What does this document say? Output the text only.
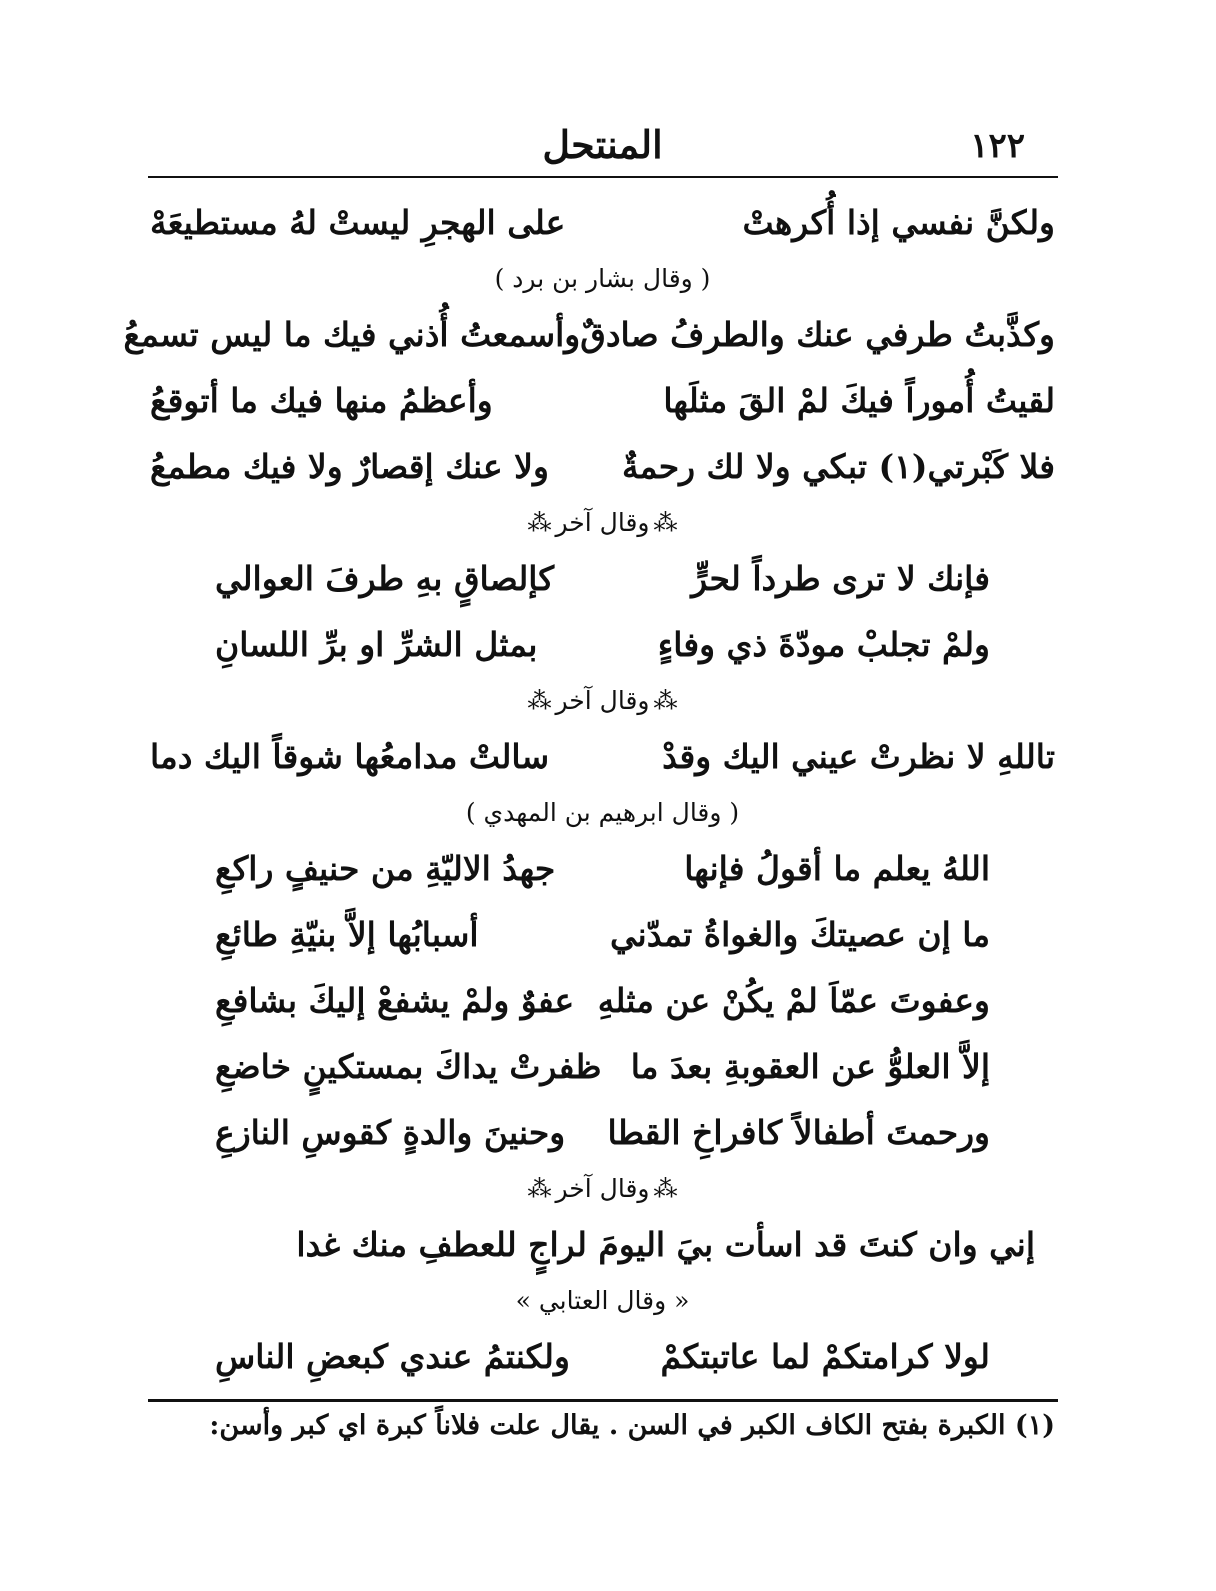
١٢٢
المنتحل
ولكنَّ نفسي إذا أُكرهتْ
على الهجرِ ليستْ لهُ مستطيعَهْ
( وقال بشار بن برد )
وكذَّبتُ طرفي عنك والطرفُ صادقٌ
وأسمعتُ أُذني فيك ما ليس تسمعُ
لقيتُ أُموراً فيكَ لمْ القَ مثلَها
وأعظمُ منها فيك ما أتوقعُ
فلا كَبْرتي(١) تبكي ولا لك رحمةٌ
ولا عنك إقصارٌ ولا فيك مطمعُ
⁂وقال آخر⁂
فإنك لا ترى طرداً لحرٍّ
كإلصاقٍ بهِ طرفَ العوالي
ولمْ تجلبْ مودّةَ ذي وفاءٍ
بمثل الشرِّ او برِّ اللسانِ
⁂وقال آخر⁂
تاللهِ لا نظرتْ عيني اليك وقدْ
سالتْ مدامعُها شوقاً اليك دما
( وقال ابرهيم بن المهدي )
اللهُ يعلم ما أقولُ فإنها
جهدُ الاليّةِ من حنيفٍ راكعِ
ما إن عصيتكَ والغواةُ تمدّني
أسبابُها إلاَّ بنيّةِ طائعِ
وعفوتَ عمّاَ لمْ يكُنْ عن مثلهِ
عفوٌ ولمْ يشفعْ إليكَ بشافعِ
إلاَّ العلوُّ عن العقوبةِ بعدَ ما
ظفرتْ يداكَ بمستكينٍ خاضعِ
ورحمتَ أطفالاً كافراخِ القطا
وحنينَ والدةٍ كقوسِ النازعِ
⁂وقال آخر⁂
إني وان كنتَ قد اسأت بيَ اليومَ لراجٍ للعطفِ منك غدا
« وقال العتابي »
لولا كرامتكمْ لما عاتبتكمْ
ولكنتمُ عندي كبعضِ الناسِ
(١) الكبرة بفتح الكاف الكبر في السن . يقال علت فلاناً كبرة اي كبر وأسن:
